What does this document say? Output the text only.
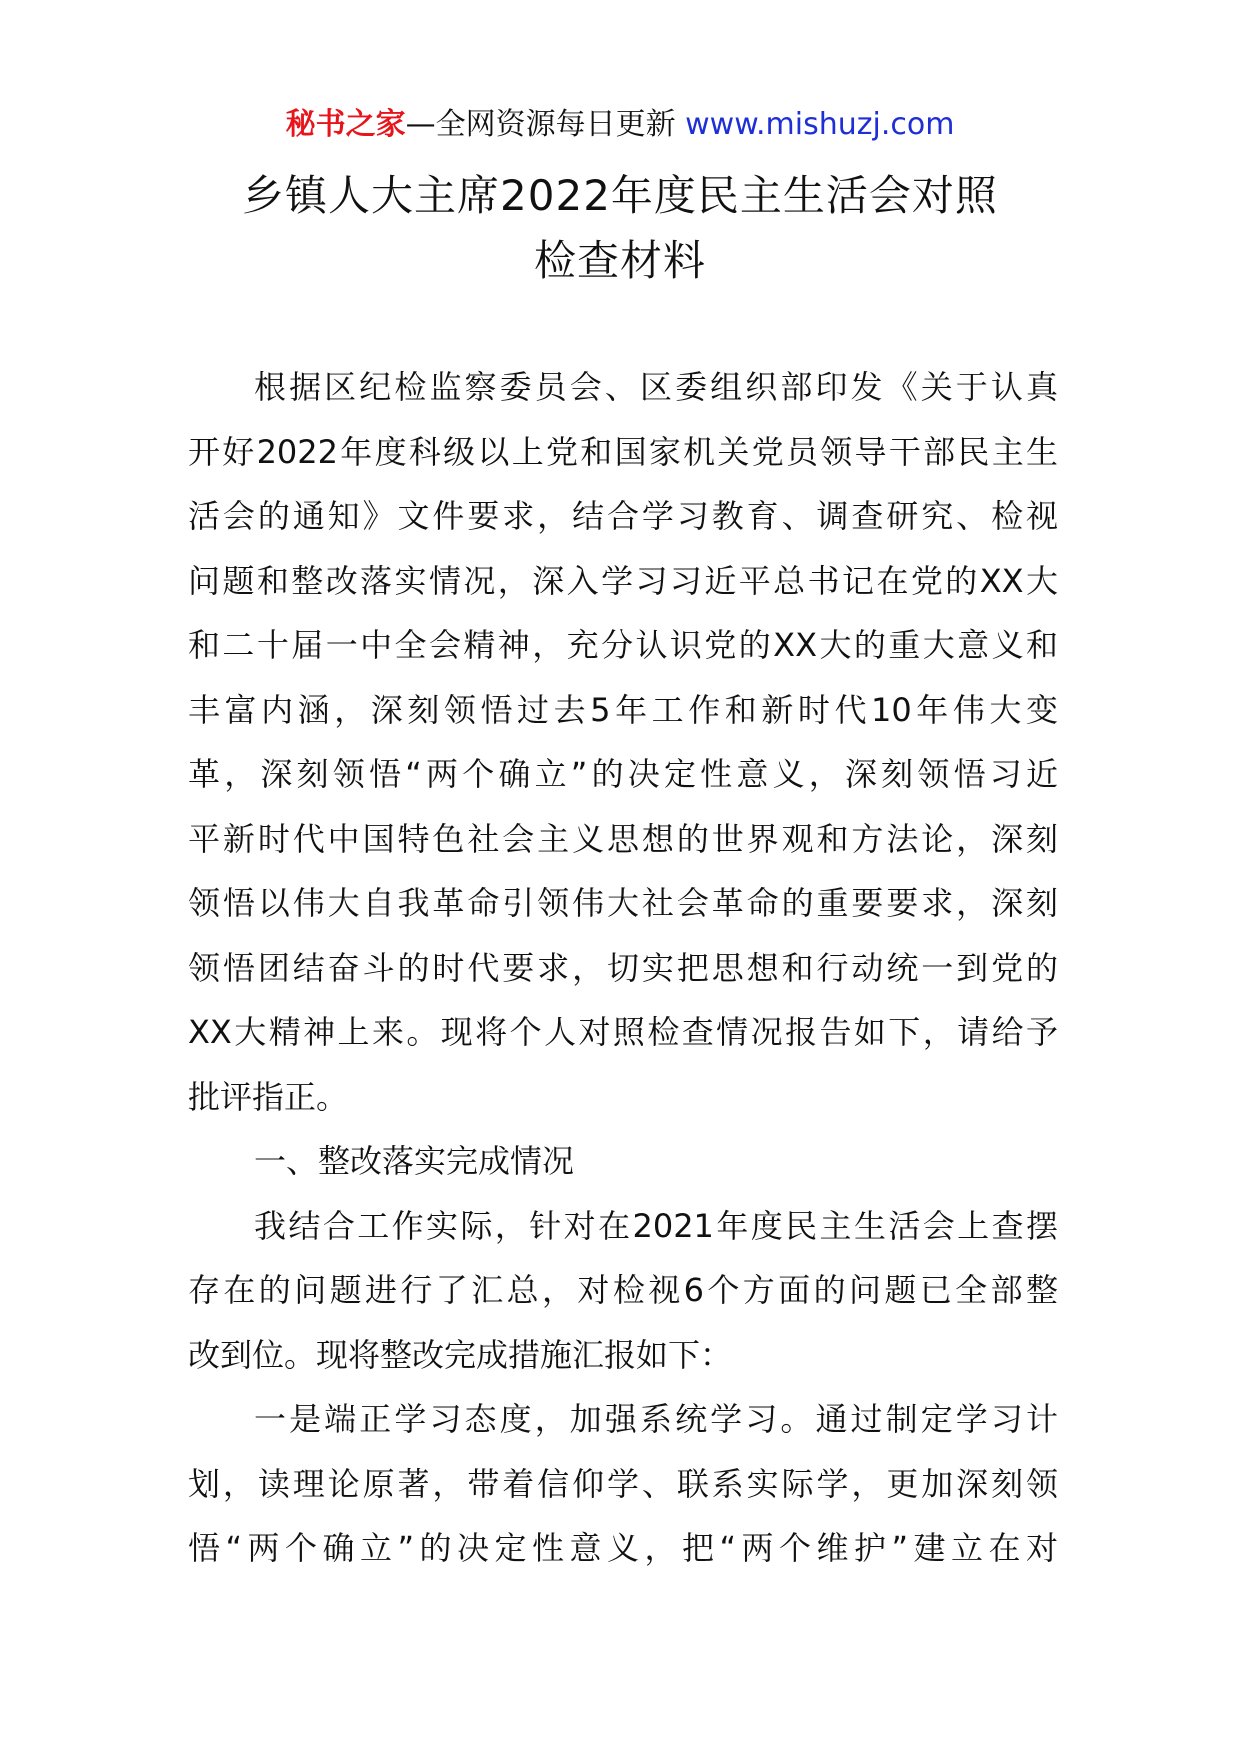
秘书之家—全网资源每日更新 www.mishuzj.com
乡镇人大主席2022年度民主生活会对照
检查材料
根据区纪检监察委员会、区委组织部印发《关于认真
开好2022年度科级以上党和国家机关党员领导干部民主生
活会的通知》文件要求，结合学习教育、调查研究、检视
问题和整改落实情况，深入学习习近平总书记在党的XX大
和二十届一中全会精神，充分认识党的XX大的重大意义和
丰富内涵，深刻领悟过去5年工作和新时代10年伟大变
革，深刻领悟“两个确立”的决定性意义，深刻领悟习近
平新时代中国特色社会主义思想的世界观和方法论，深刻
领悟以伟大自我革命引领伟大社会革命的重要要求，深刻
领悟团结奋斗的时代要求，切实把思想和行动统一到党的
XX大精神上来。现将个人对照检查情况报告如下，请给予
批评指正。
一、整改落实完成情况
我结合工作实际，针对在2021年度民主生活会上查摆
存在的问题进行了汇总，对检视6个方面的问题已全部整
改到位。现将整改完成措施汇报如下：
一是端正学习态度，加强系统学习。通过制定学习计
划，读理论原著，带着信仰学、联系实际学，更加深刻领
悟“两个确立”的决定性意义，把“两个维护”建立在对
